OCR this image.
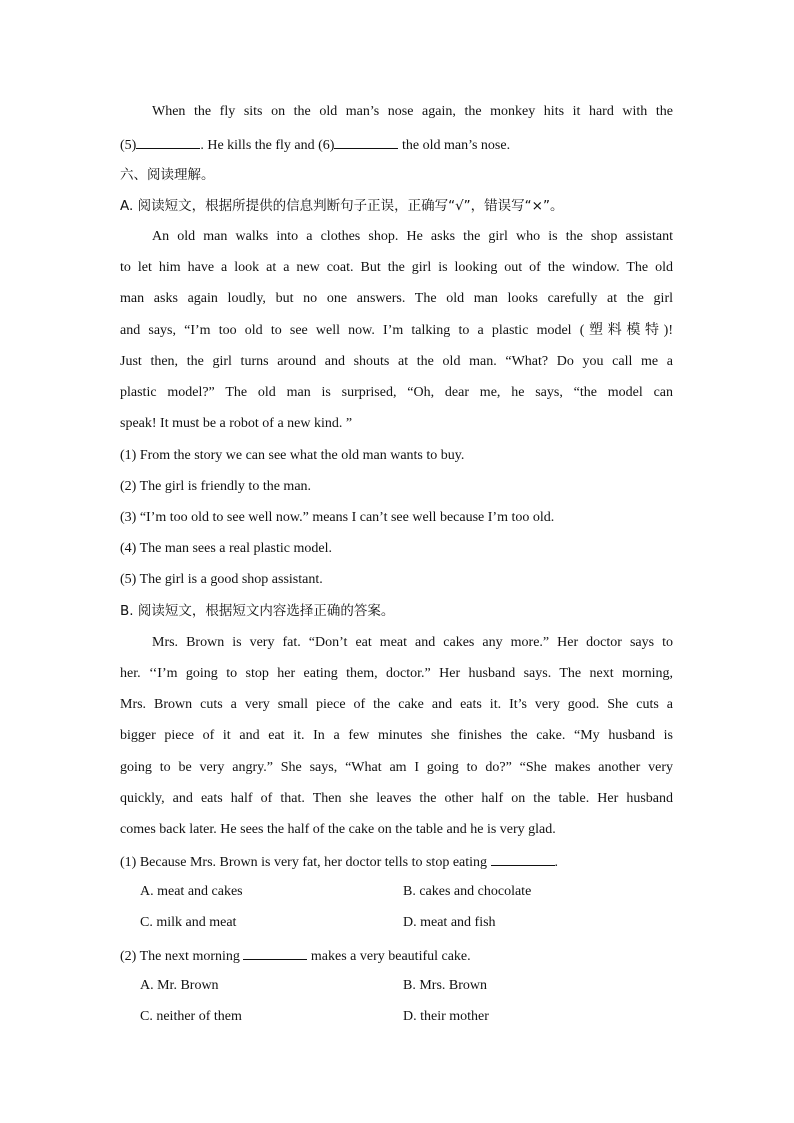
When the fly sits on the old man’s nose again, the monkey hits it hard with the
(5)	. He kills the fly and (6)	the old man’s nose.
六、阅读理解。
A. 阅读短文，根据所提供的信息判断句子正误，正确写“√”，错误写“×”。
An old man walks into a clothes shop. He asks the girl who is the shop assistant
to let him have a look at a new coat. But the girl is looking out of the window. The old
man asks again loudly, but no one answers. The old man looks carefully at the girl
and says, “I’m too old to see well now. I’m talking to a plastic model (塑料模特)!
Just then, the girl turns around and shouts at the old man. “What? Do you call me a
plastic model?” The old man is surprised, “Oh, dear me, he says, “the model can
speak! It must be a robot of a new kind. ”
(1) From the story we can see what the old man wants to buy.
(2) The girl is friendly to the man.
(3) “I’m too old to see well now.” means I can’t see well because I’m too old.
(4) The man sees a real plastic model.
(5) The girl is a good shop assistant.
B. 阅读短文，根据短文内容选择正确的答案。
Mrs. Brown is very fat. “Don’t eat meat and cakes any more.” Her doctor says to
her. ‘‘I’m going to stop her eating them, doctor.” Her husband says. The next morning,
Mrs. Brown cuts a very small piece of the cake and eats it. It’s very good. She cuts a
bigger piece of it and eat it. In a few minutes she finishes the cake. “My husband is
going to be very angry.” She says, “What am I going to do?” “She makes another very
quickly, and eats half of that. Then she leaves the other half on the table. Her husband
comes back later. He sees the half of the cake on the table and he is very glad.
(1) Because Mrs. Brown is very fat, her doctor tells to stop eating	.
A. meat and cakes	B. cakes and chocolate
C. milk and meat	D. meat and fish
(2) The next morning	makes a very beautiful cake.
A. Mr. Brown	B. Mrs. Brown
C. neither of them	D. their mother
